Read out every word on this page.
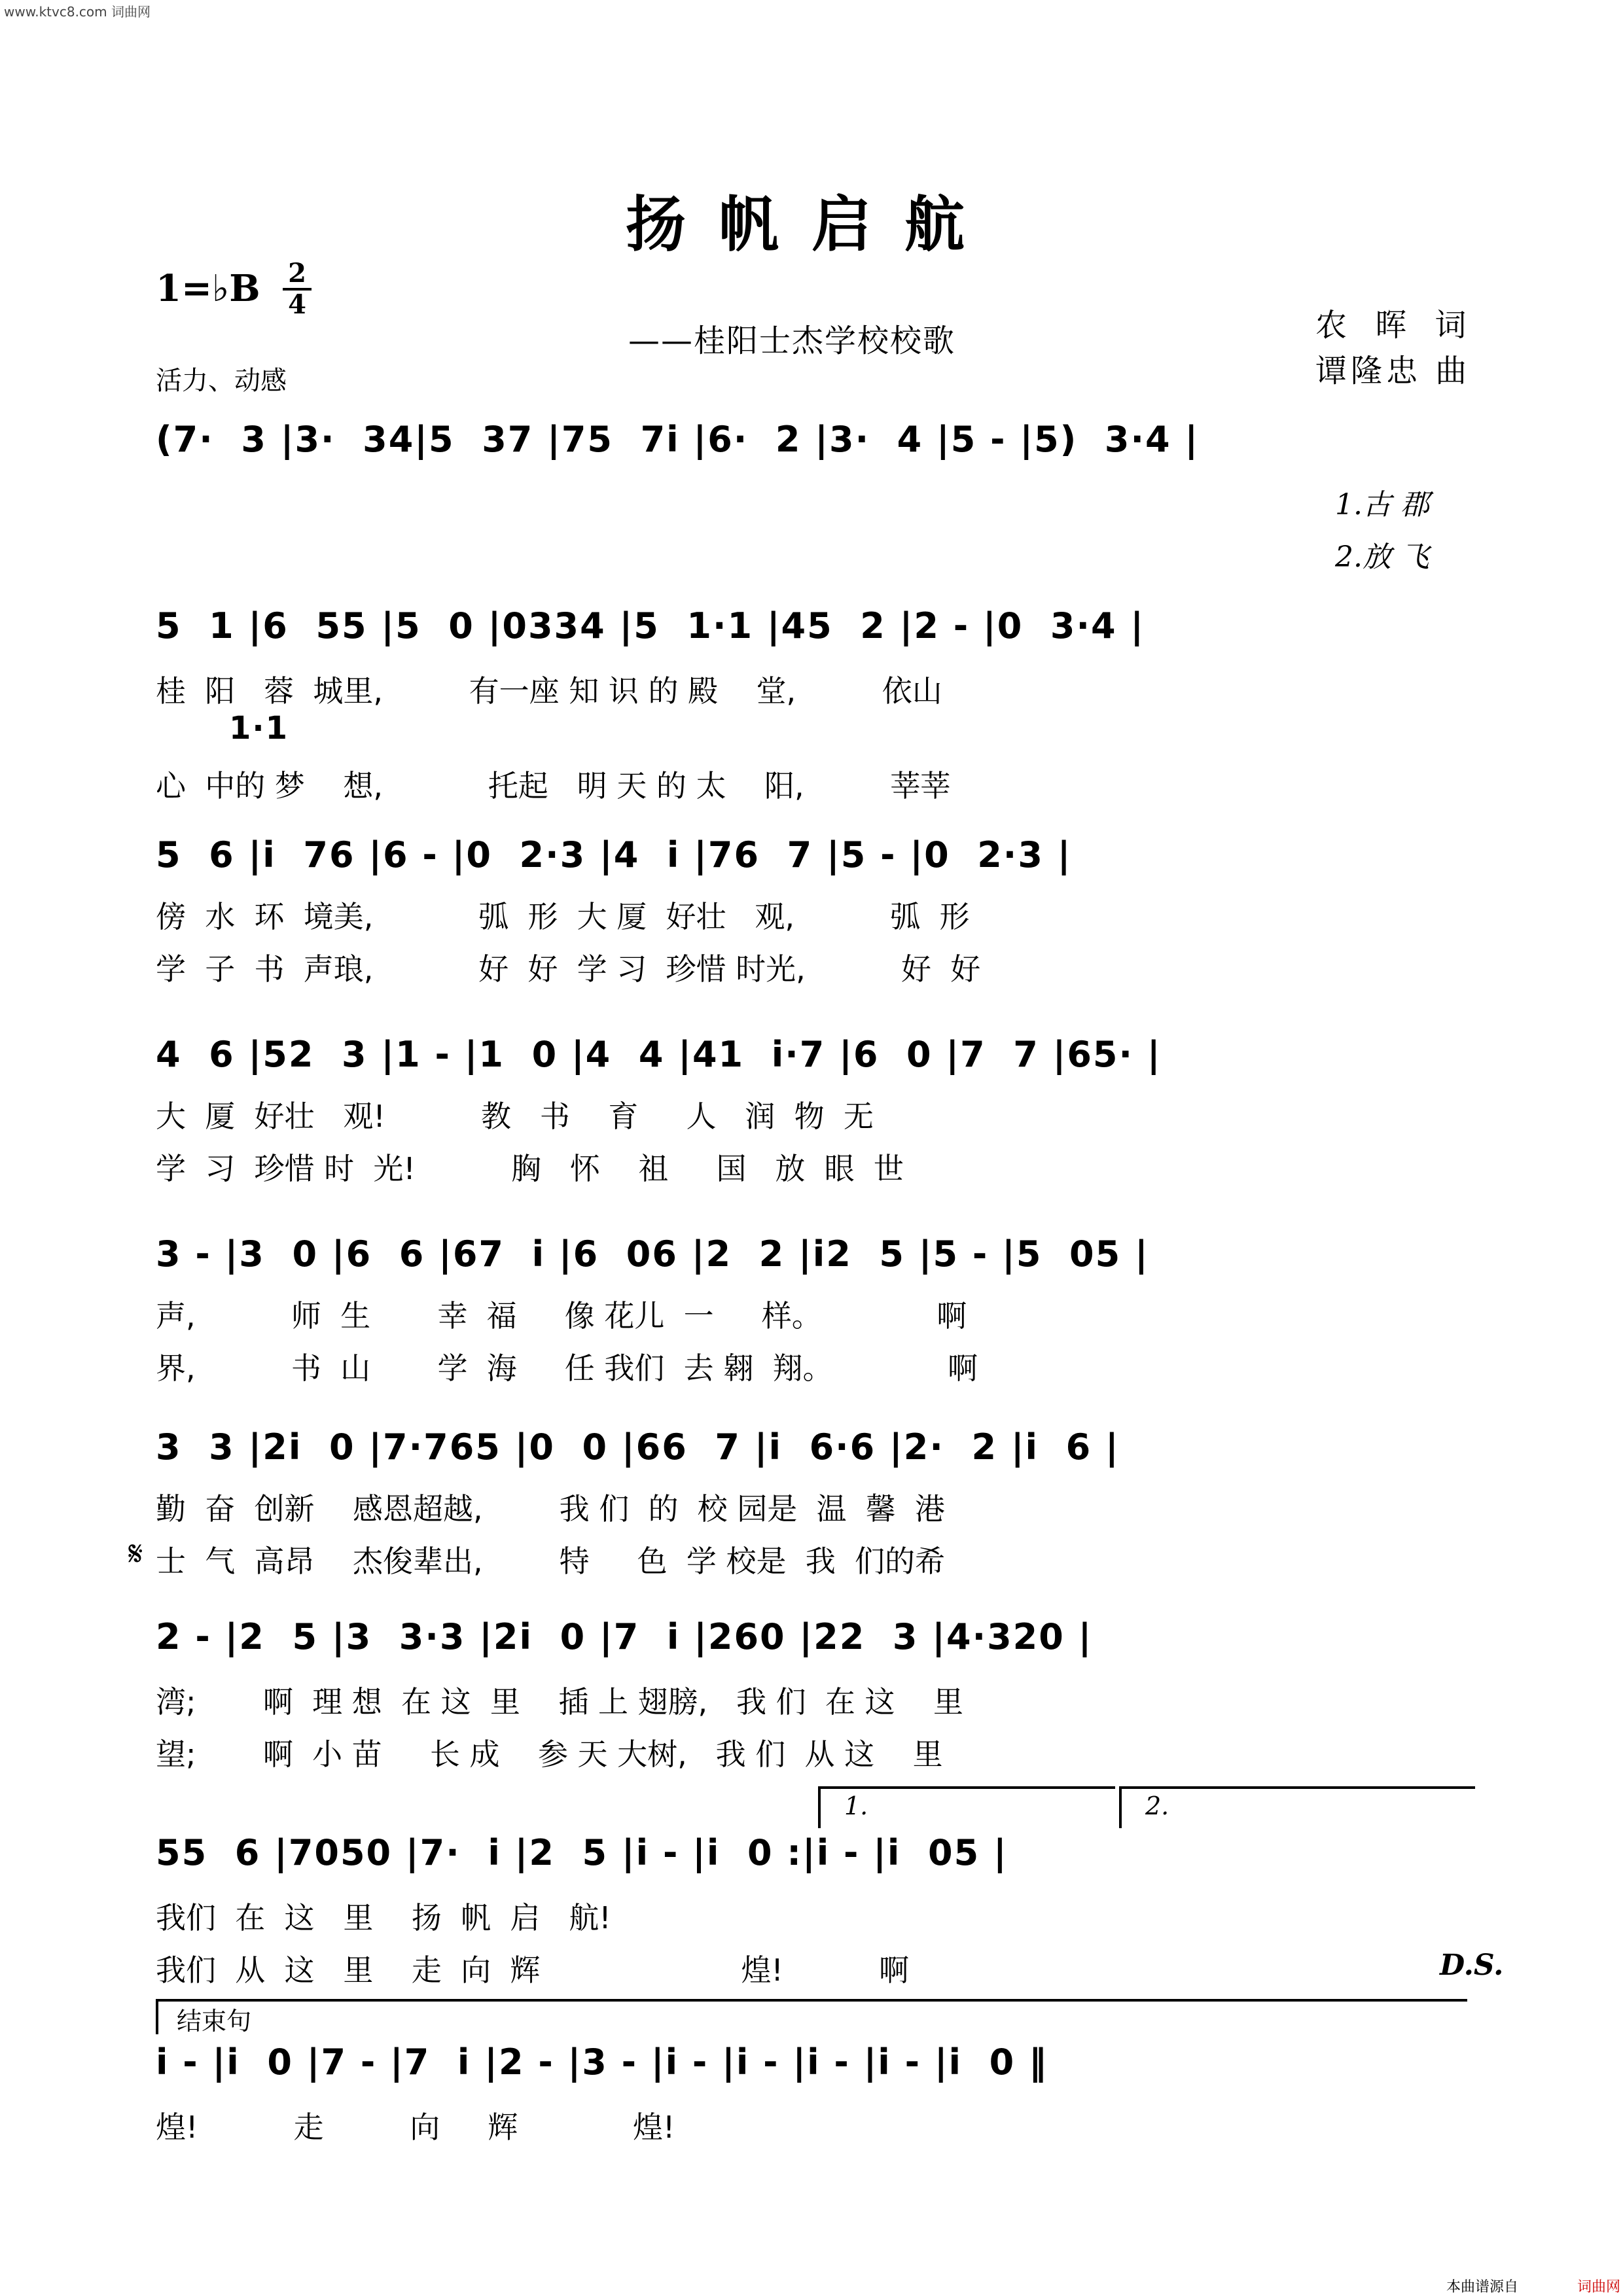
www.ktvc8.com 词曲网
扬帆启航
1=♭B 2
4
——桂阳士杰学校校歌
活力、动感
农 晖 词
谭隆忠 曲
(7·  3 |3·  34|5  37 |75  7i |6·  2 |3·  4 |5 - |5)  3·4 |
1.古 郡
2.放 飞
5  1 |6  55 |5  0 |0334 |5  1·1 |45  2 |2 - |0  3·4 |
桂  阳   蓉  城里,         有一座 知 识 的 殿    堂,         依山
1·1
心  中的 梦    想,           托起   明 天 的 太    阳,         莘莘
5  6 |i  76 |6 - |0  2·3 |4  i |76  7 |5 - |0  2·3 |
傍  水  环  境美,           弧  形  大 厦  好壮   观,          弧  形
学  子  书  声琅,           好  好  学 习  珍惜 时光,          好  好
4  6 |52  3 |1 - |1  0 |4  4 |41  i·7 |6  0 |7  7 |65· |
大  厦  好壮   观!          教   书    育     人   润  物  无
学  习  珍惜 时  光!          胸   怀    祖     国   放  眼  世
3 - |3  0 |6  6 |67  i |6  06 |2  2 |i2  5 |5 - |5  05 |
声,          师  生       幸  福     像 花儿  一     样。            啊
界,          书  山       学  海     任 我们  去 翱  翔。            啊
3  3 |2i  0 |7·765 |0  0 |66  7 |i  6·6 |2·  2 |i  6 |
勤  奋  创新    感恩超越,        我 们  的  校 园是  温  馨  港
𝄋 士  气  高昂    杰俊辈出,        特     色  学 校是  我  们的希
2 - |2  5 |3  3·3 |2i  0 |7  i |260 |22  3 |4·320 |
湾;       啊  理 想  在 这  里    插 上 翅膀,   我 们  在 这    里
望;       啊  小 苗     长 成    参 天 大树,   我 们  从 这    里
1.	2.
55  6 |7050 |7·  i |2  5 |i - |i  0 :|i - |i  05 |
我们  在  这   里    扬  帆  启   航!
我们  从  这   里    走  向  辉                     煌!          啊	D.S.
结束句
i - |i  0 |7 - |7  i |2 - |3 - |i - |i - |i - |i - |i  0 ‖
煌!          走         向     辉            煌!
本曲谱源自	词曲网
